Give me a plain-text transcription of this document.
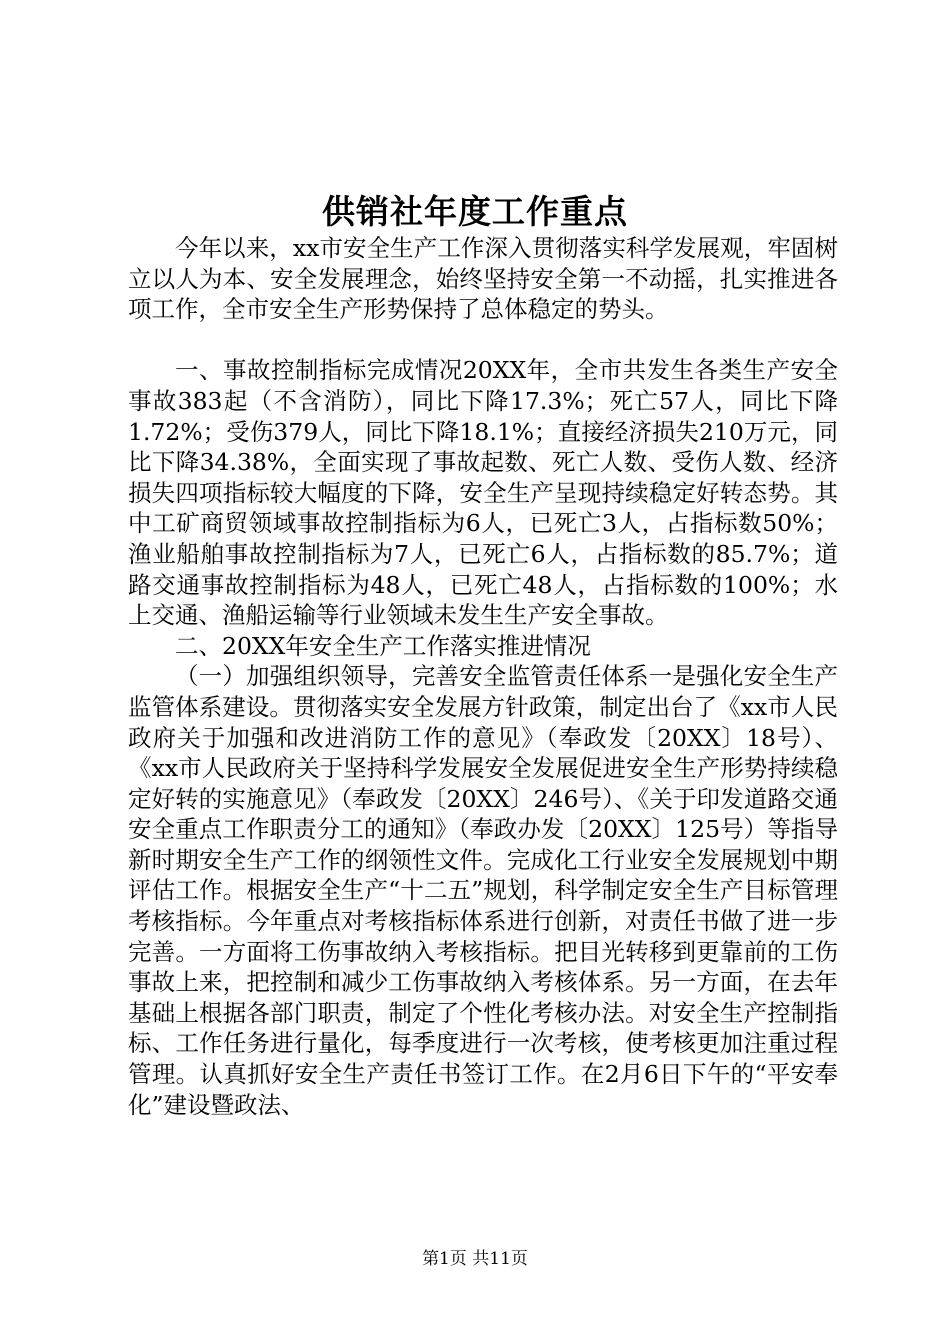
供销社年度工作重点

今年以来，xx市安全生产工作深入贯彻落实科学发展观，牢固树立以人为本、安全发展理念，始终坚持安全第一不动摇，扎实推进各项工作，全市安全生产形势保持了总体稳定的势头。

一、事故控制指标完成情况20XX年，全市共发生各类生产安全事故383起（不含消防），同比下降17.3%；死亡57人，同比下降1.72%；受伤379人，同比下降18.1%；直接经济损失210万元，同比下降34.38%，全面实现了事故起数、死亡人数、受伤人数、经济损失四项指标较大幅度的下降，安全生产呈现持续稳定好转态势。其中工矿商贸领域事故控制指标为6人，已死亡3人，占指标数50%；渔业船舶事故控制指标为7人，已死亡6人，占指标数的85.7%；道路交通事故控制指标为48人，已死亡48人，占指标数的100%；水上交通、渔船运输等行业领域未发生生产安全事故。

二、20XX年安全生产工作落实推进情况

（一）加强组织领导，完善安全监管责任体系一是强化安全生产监管体系建设。贯彻落实安全发展方针政策，制定出台了《xx市人民政府关于加强和改进消防工作的意见》（奉政发〔20XX〕18号）、《xx市人民政府关于坚持科学发展安全发展促进安全生产形势持续稳定好转的实施意见》（奉政发〔20XX〕246号）、《关于印发道路交通安全重点工作职责分工的通知》（奉政办发〔20XX〕125号）等指导新时期安全生产工作的纲领性文件。完成化工行业安全发展规划中期评估工作。根据安全生产“十二五”规划，科学制定安全生产目标管理考核指标。今年重点对考核指标体系进行创新，对责任书做了进一步完善。一方面将工伤事故纳入考核指标。把目光转移到更靠前的工伤事故上来，把控制和减少工伤事故纳入考核体系。另一方面，在去年基础上根据各部门职责，制定了个性化考核办法。对安全生产控制指标、工作任务进行量化，每季度进行一次考核，使考核更加注重过程管理。认真抓好安全生产责任书签订工作。在2月6日下午的“平安奉化”建设暨政法、

第1页 共11页
